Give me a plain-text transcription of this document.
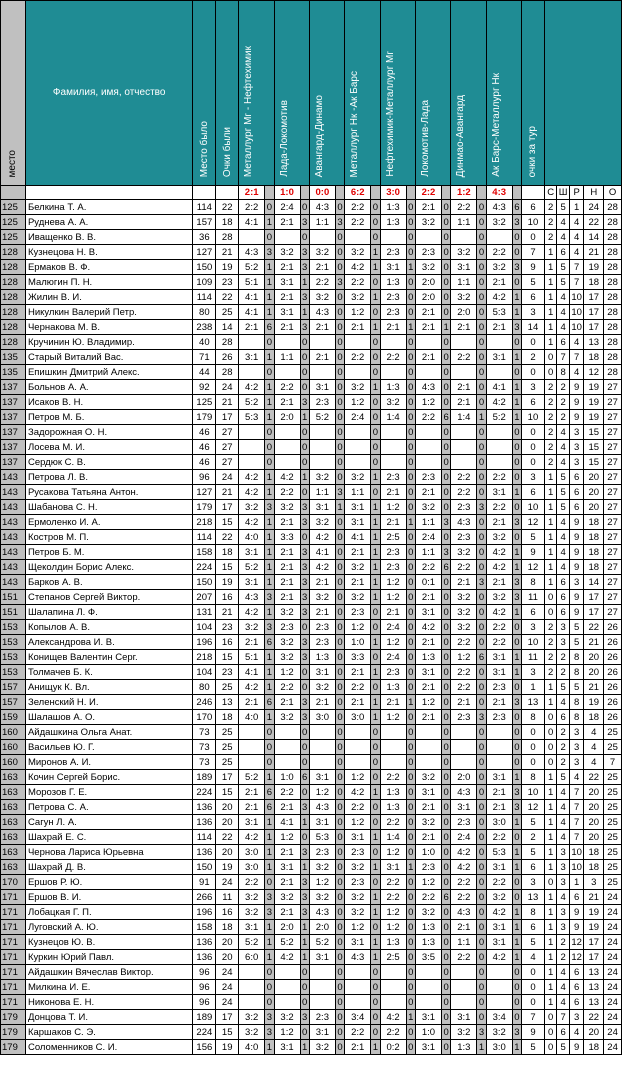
место	Фамилия, имя, отчество	Место было	Очки были	Металлург Мг - Нефтехимик		Лада-Локомотив		Авангард-Динамо		Металлург Нк -Ак Барс		Нефтехимик-Металлург Мг		Локомотив-Лада		Динмао-Авангард		Ак Барс-Металлург Нк		очки за тур					
				2:1		1:0		0:0		6:2		3:0		2:2		1:2		4:3			С	Ш	Р	Н	О
125	Белкина Т. А.	114	22	2:2	0	2:4	0	4:3	0	2:2	0	1:3	0	2:1	0	2:2	0	4:3	6	6	2	5	1	24	28
125	Руднева А. А.	157	18	4:1	1	2:1	3	1:1	3	2:2	0	1:3	0	3:2	0	1:1	0	3:2	3	10	2	4	4	22	28
125	Иващенко В. В.	36	28		0		0		0		0		0		0		0		0	0	2	4	4	14	28
128	Кузнецова Н. В.	127	21	4:3	3	3:2	3	3:2	0	3:2	1	2:3	0	2:3	0	3:2	0	2:2	0	7	1	6	4	21	28
128	Ермаков В. Ф.	150	19	5:2	1	2:1	3	2:1	0	4:2	1	3:1	1	3:2	0	3:1	0	3:2	3	9	1	5	7	19	28
128	Малюгин П. Н.	109	23	5:1	1	3:1	1	2:2	3	2:2	0	1:3	0	2:0	0	1:1	0	2:1	0	5	1	5	7	18	28
128	Жилин В. И.	114	22	4:1	1	2:1	3	3:2	0	3:2	1	2:3	0	2:0	0	3:2	0	4:2	1	6	1	4	10	17	28
128	Никулкин Валерий Петр.	80	25	4:1	1	3:1	1	4:3	0	1:2	0	2:3	0	2:1	0	2:0	0	5:3	1	3	1	4	10	17	28
128	Чернакова М. В.	238	14	2:1	6	2:1	3	2:1	0	2:1	1	2:1	1	2:1	1	2:1	0	2:1	3	14	1	4	10	17	28
128	Кручинин Ю. Владимир.	40	28		0		0		0		0		0		0		0		0	0	1	6	4	13	28
135	Старый Виталий Вас.	71	26	3:1	1	1:1	0	2:1	0	2:2	0	2:2	0	2:1	0	2:2	0	3:1	1	2	0	7	7	18	28
135	Епишкин Дмитрий Алекс.	44	28		0		0		0		0		0		0		0		0	0	0	8	4	12	28
137	Больнов А. А.	92	24	4:2	1	2:2	0	3:1	0	3:2	1	1:3	0	4:3	0	2:1	0	4:1	1	3	2	2	9	19	27
137	Исаков В. Н.	125	21	5:2	1	2:1	3	2:3	0	1:2	0	3:2	0	1:2	0	2:1	0	4:2	1	6	2	2	9	19	27
137	Петров М. Б.	179	17	5:3	1	2:0	1	5:2	0	2:4	0	1:4	0	2:2	6	1:4	1	5:2	1	10	2	2	9	19	27
137	Задорожная О. Н.	46	27		0		0		0		0		0		0		0		0	0	2	4	3	15	27
137	Лосева М. И.	46	27		0		0		0		0		0		0		0		0	0	2	4	3	15	27
137	Сердюк С. В.	46	27		0		0		0		0		0		0		0		0	0	2	4	3	15	27
143	Петрова Л. В.	96	24	4:2	1	4:2	1	3:2	0	3:2	1	2:3	0	2:3	0	2:2	0	2:2	0	3	1	5	6	20	27
143	Русакова Татьяна Антон.	127	21	4:2	1	2:2	0	1:1	3	1:1	0	2:1	0	2:1	0	2:2	0	3:1	1	6	1	5	6	20	27
143	Шабанова С. Н.	179	17	3:2	3	3:2	3	3:1	1	3:1	1	1:2	0	3:2	0	2:3	3	2:2	0	10	1	5	6	20	27
143	Ермоленко И. А.	218	15	4:2	1	2:1	3	3:2	0	3:1	1	2:1	1	1:1	3	4:3	0	2:1	3	12	1	4	9	18	27
143	Костров М. П.	114	22	4:0	1	3:3	0	4:2	0	4:1	1	2:5	0	2:4	0	2:3	0	3:2	0	5	1	4	9	18	27
143	Петров Б. М.	158	18	3:1	1	2:1	3	4:1	0	2:1	1	2:3	0	1:1	3	3:2	0	4:2	1	9	1	4	9	18	27
143	Щеколдин Борис Алекс.	224	15	5:2	1	2:1	3	4:2	0	3:2	1	2:3	0	2:2	6	2:2	0	4:2	1	12	1	4	9	18	27
143	Барков А. В.	150	19	3:1	1	2:1	3	2:1	0	2:1	1	1:2	0	0:1	0	2:1	3	2:1	3	8	1	6	3	14	27
151	Степанов Сергей Виктор.	207	16	4:3	3	2:1	3	3:2	0	3:2	1	1:2	0	2:1	0	3:2	0	3:2	3	11	0	6	9	17	27
151	Шалапина Л. Ф.	131	21	4:2	1	3:2	3	2:1	0	2:3	0	2:1	0	3:1	0	3:2	0	4:2	1	6	0	6	9	17	27
153	Копылов А. В.	104	23	3:2	3	2:3	0	2:3	0	1:2	0	2:4	0	4:2	0	3:2	0	2:2	0	3	2	3	5	22	26
153	Александрова И. В.	196	16	2:1	6	3:2	3	2:3	0	1:0	1	1:2	0	2:1	0	2:2	0	2:2	0	10	2	3	5	21	26
153	Конищев Валентин Серг.	218	15	5:1	1	3:2	3	1:3	0	3:3	0	2:4	0	1:3	0	1:2	6	3:1	1	11	2	2	8	20	26
153	Толмачев Б. К.	104	23	4:1	1	1:2	0	3:1	0	2:1	1	2:3	0	3:1	0	2:2	0	3:1	1	3	2	2	8	20	26
157	Анищук К. Вл.	80	25	4:2	1	2:2	0	3:2	0	2:2	0	1:3	0	2:1	0	2:2	0	2:3	0	1	1	5	5	21	26
157	Зеленский Н. И.	246	13	2:1	6	2:1	3	2:1	0	2:1	1	2:1	1	1:2	0	2:1	0	2:1	3	13	1	4	8	19	26
159	Шалашов А. О.	170	18	4:0	1	3:2	3	3:0	0	3:0	1	1:2	0	2:1	0	2:3	3	2:3	0	8	0	6	8	18	26
160	Айдашкина Ольга Анат.	73	25		0		0		0		0		0		0		0		0	0	0	2	3	4	25
160	Васильев Ю. Г.	73	25		0		0		0		0		0		0		0		0	0	0	2	3	4	25
160	Миронов А. И.	73	25		0		0		0		0		0		0		0		0	0	0	2	3	4	7
163	Кочин Сергей Борис.	189	17	5:2	1	1:0	6	3:1	0	1:2	0	2:2	0	3:2	0	2:0	0	3:1	1	8	1	5	4	22	25
163	Морозов Г. Е.	224	15	2:1	6	2:2	0	1:2	0	4:2	1	1:3	0	3:1	0	4:3	0	2:1	3	10	1	4	7	20	25
163	Петрова С. А.	136	20	2:1	6	2:1	3	4:3	0	2:2	0	1:3	0	2:1	0	3:1	0	2:1	3	12	1	4	7	20	25
163	Сагун Л. А.	136	20	3:1	1	4:1	1	3:1	0	1:2	0	2:2	0	3:2	0	2:3	0	3:0	1	5	1	4	7	20	25
163	Шахрай Е. С.	114	22	4:2	1	1:2	0	5:3	0	3:1	1	1:4	0	2:1	0	2:4	0	2:2	0	2	1	4	7	20	25
163	Чернова Лариса Юрьевна	136	20	3:0	1	2:1	3	2:3	0	2:3	0	1:2	0	1:0	0	4:2	0	5:3	1	5	1	3	10	18	25
163	Шахрай Д. В.	150	19	3:0	1	3:1	1	3:2	0	3:2	1	3:1	1	2:3	0	4:2	0	3:1	1	6	1	3	10	18	25
170	Ершов Р. Ю.	91	24	2:2	0	2:1	3	1:2	0	2:3	0	2:2	0	1:2	0	2:2	0	2:2	0	3	0	3	1	3	25
171	Ершов В. И.	266	11	3:2	3	3:2	3	3:2	0	3:2	1	2:2	0	2:2	6	2:2	0	3:2	0	13	1	4	6	21	24
171	Лобацкая Г. П.	196	16	3:2	3	2:1	3	4:3	0	3:2	1	1:2	0	3:2	0	4:3	0	4:2	1	8	1	3	9	19	24
171	Луговский А. Ю.	158	18	3:1	1	2:0	1	2:0	0	1:2	0	1:2	0	1:3	0	2:1	0	3:1	1	6	1	3	9	19	24
171	Кузнецов Ю. В.	136	20	5:2	1	5:2	1	5:2	0	3:1	1	1:3	0	1:3	0	1:1	0	3:1	1	5	1	2	12	17	24
171	Куркин Юрий Павл.	136	20	6:0	1	4:2	1	3:1	0	4:3	1	2:5	0	3:5	0	2:2	0	4:2	1	4	1	2	12	17	24
171	Айдашкин Вячеслав Виктор.	96	24		0		0		0		0		0		0		0		0	0	1	4	6	13	24
171	Милкина И. Е.	96	24		0		0		0		0		0		0		0		0	0	1	4	6	13	24
171	Никонова Е. Н.	96	24		0		0		0		0		0		0		0		0	0	1	4	6	13	24
179	Донцова Т. И.	189	17	3:2	3	3:2	3	2:3	0	3:4	0	4:2	1	3:1	0	3:1	0	3:4	0	7	0	7	3	22	24
179	Каршаков С. Э.	224	15	3:2	3	1:2	0	3:1	0	2:2	0	2:2	0	1:0	0	3:2	3	3:2	3	9	0	6	4	20	24
179	Соломенников С. И.	156	19	4:0	1	3:1	1	3:2	0	2:1	1	0:2	0	3:1	0	1:3	1	3:0	1	5	0	5	9	18	24
